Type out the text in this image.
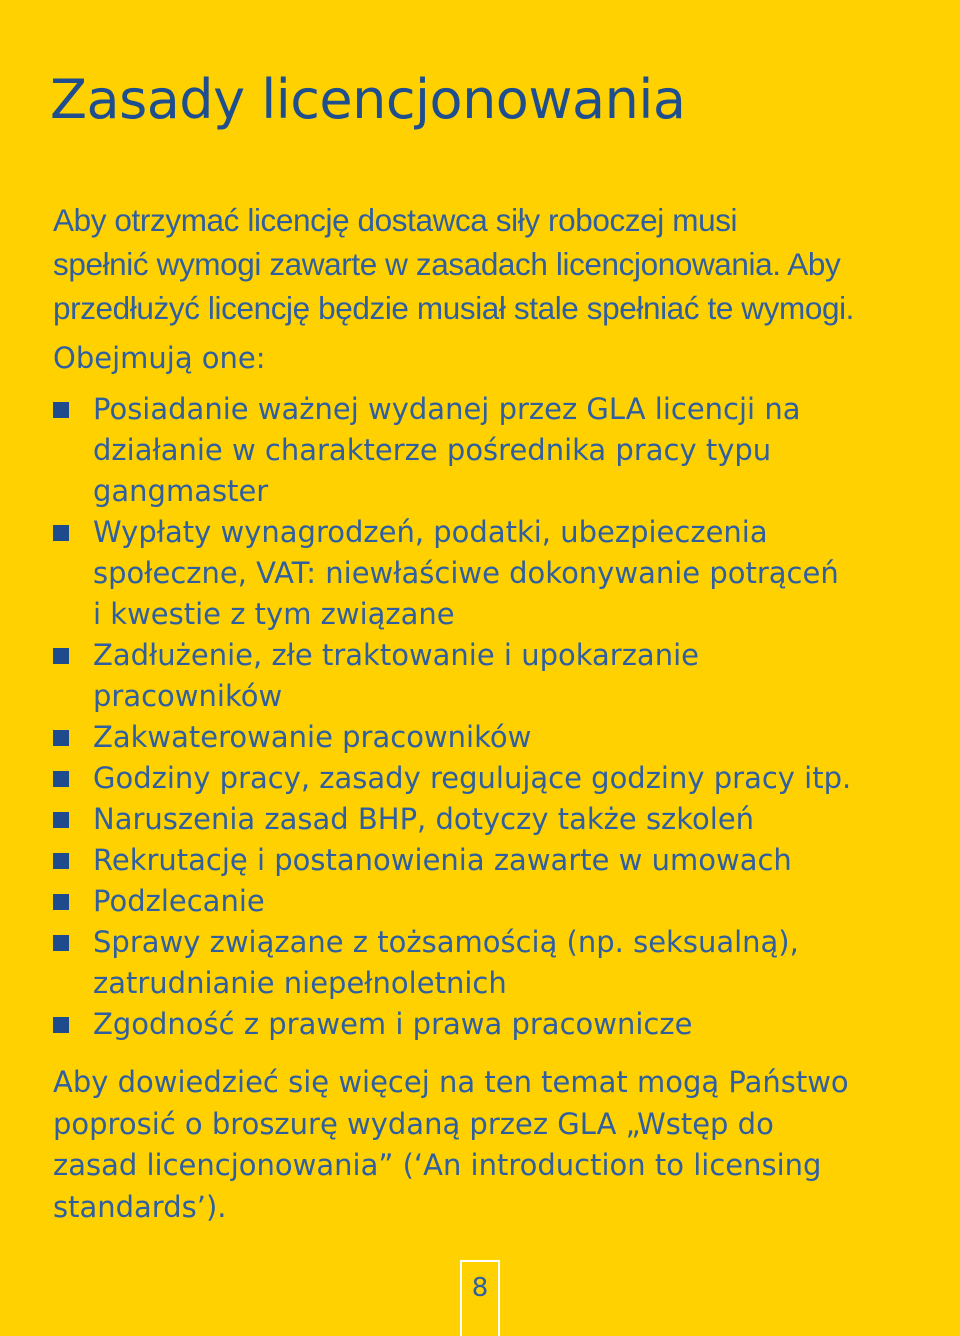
Zasady licencjonowania

Aby otrzymać licencję dostawca siły roboczej musi
spełnić wymogi zawarte w zasadach licencjonowania. Aby
przedłużyć licencję będzie musiał stale spełniać te wymogi.

Obejmują one:

Posiadanie ważnej wydanej przez GLA licencji na
działanie w charakterze pośrednika pracy typu
gangmaster
Wypłaty wynagrodzeń, podatki, ubezpieczenia
społeczne, VAT: niewłaściwe dokonywanie potrąceń
i kwestie z tym związane
Zadłużenie, złe traktowanie i upokarzanie
pracowników
Zakwaterowanie pracowników
Godziny pracy, zasady regulujące godziny pracy itp.
Naruszenia zasad BHP, dotyczy także szkoleń
Rekrutację i postanowienia zawarte w umowach
Podzlecanie
Sprawy związane z tożsamością (np. seksualną),
zatrudnianie niepełnoletnich
Zgodność z prawem i prawa pracownicze

Aby dowiedzieć się więcej na ten temat mogą Państwo
poprosić o broszurę wydaną przez GLA „Wstęp do
zasad licencjonowania” (‘An introduction to licensing
standards’).

8
